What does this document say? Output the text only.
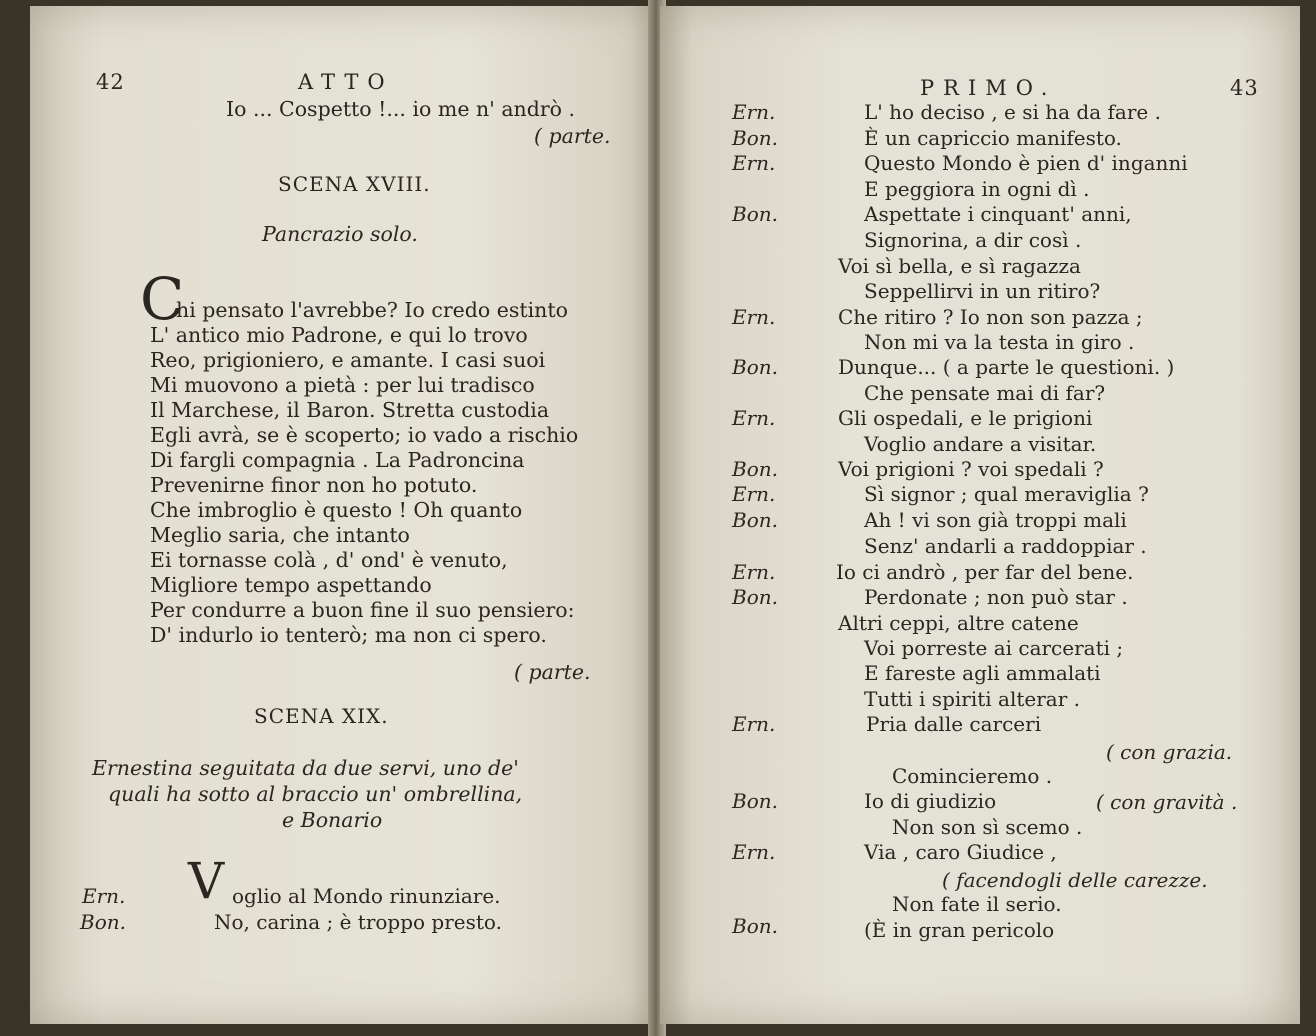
42	ATTO
Io ... Cospetto !... io me n' andrò .
( parte.
SCENA XVIII.
Pancrazio solo.
C
hi pensato l'avrebbe? Io credo estinto
L' antico mio Padrone, e qui lo trovo
Reo, prigioniero, e amante. I casi suoi
Mi muovono a pietà : per lui tradisco
Il Marchese, il Baron. Stretta custodia
Egli avrà, se è scoperto; io vado a rischio
Di fargli compagnia . La Padroncina
Prevenirne finor non ho potuto.
Che imbroglio è questo ! Oh quanto
Meglio saria, che intanto
Ei tornasse colà , d' ond' è venuto,
Migliore tempo aspettando
Per condurre a buon fine il suo pensiero:
D' indurlo io tenterò; ma non ci spero.
( parte.
SCENA XIX.
Ernestina seguitata da due servi, uno de'
quali ha sotto al braccio un' ombrellina,
e Bonario
Ern. V oglio al Mondo rinunziare.
Bon.	No, carina ; è troppo presto.
PRIMO.	43
Ern.	L' ho deciso , e si ha da fare .
Bon.	È un capriccio manifesto.
Ern.	Questo Mondo è pien d' inganni
E peggiora in ogni dì .
Bon.	Aspettate i cinquant' anni,
Signorina, a dir così .
Voi sì bella, e sì ragazza
Seppellirvi in un ritiro?
Ern.	Che ritiro ? Io non son pazza ;
Non mi va la testa in giro .
Bon.	Dunque... ( a parte le questioni. )
Che pensate mai di far?
Ern.	Gli ospedali, e le prigioni
Voglio andare a visitar.
Bon.	Voi prigioni ? voi spedali ?
Ern.	Sì signor ; qual meraviglia ?
Bon.	Ah ! vi son già troppi mali
Senz' andarli a raddoppiar .
Ern.	Io ci andrò , per far del bene.
Bon.	Perdonate ; non può star .
Altri ceppi, altre catene
Voi porreste ai carcerati ;
E fareste agli ammalati
Tutti i spiriti alterar .
Ern.	Pria dalle carceri
( con grazia.
Comincieremo .
Bon.	Io di giudizio	( con gravità .
Non son sì scemo .
Ern.	Via , caro Giudice ,
( facendogli delle carezze.
Non fate il serio.
Bon.	(È in gran pericolo
